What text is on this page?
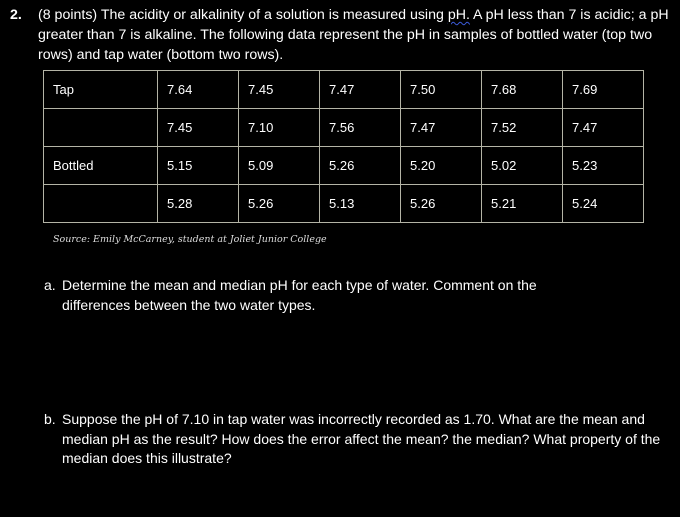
2. (8 points) The acidity or alkalinity of a solution is measured using pH. A pH less than 7 is acidic; a pH greater than 7 is alkaline. The following data represent the pH in samples of bottled water (top two rows) and tap water (bottom two rows).
Tap	7.64	7.45	7.47	7.50	7.68	7.69
	7.45	7.10	7.56	7.47	7.52	7.47
Bottled	5.15	5.09	5.26	5.20	5.02	5.23
	5.28	5.26	5.13	5.26	5.21	5.24
Source: Emily McCarney, student at Joliet Junior College
a. Determine the mean and median pH for each type of water. Comment on the differences between the two water types.
b. Suppose the pH of 7.10 in tap water was incorrectly recorded as 1.70. What are the mean and median pH as the result? How does the error affect the mean? the median? What property of the median does this illustrate?
